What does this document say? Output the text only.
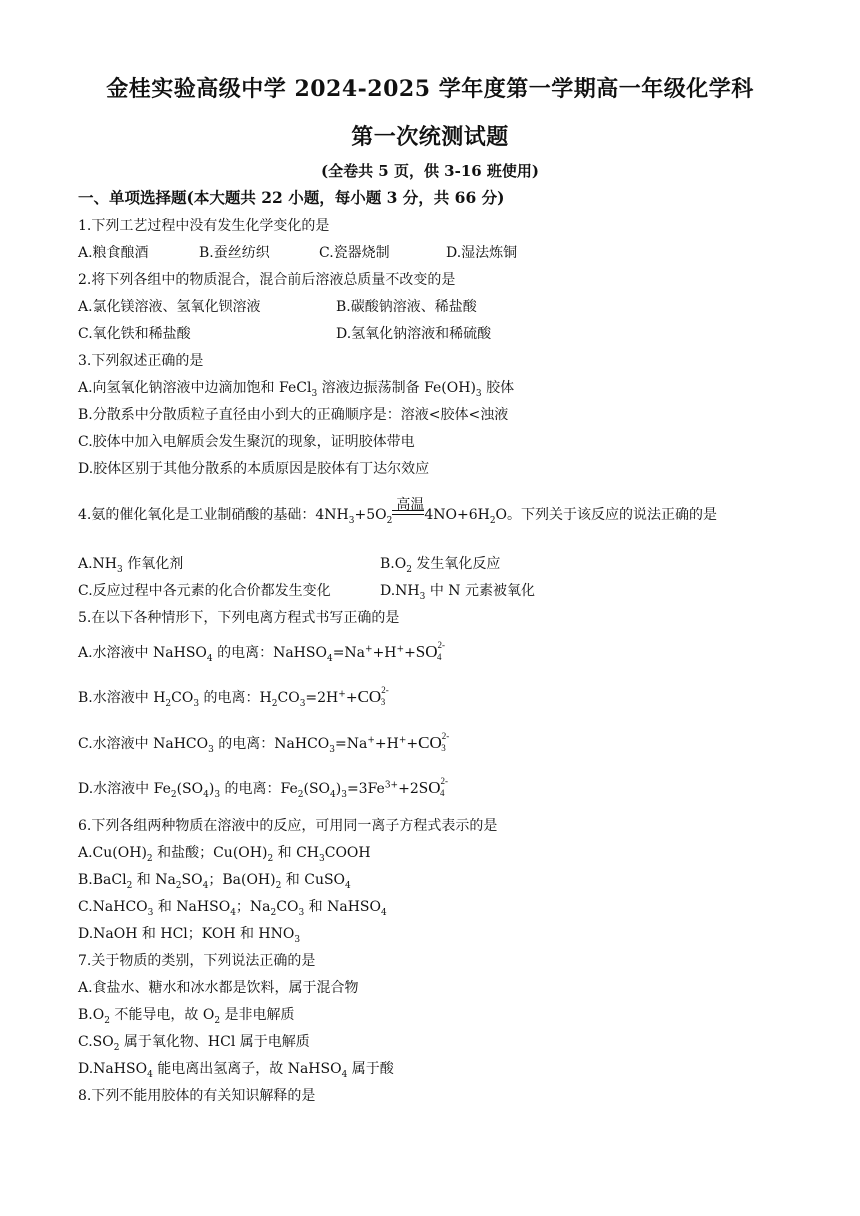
金桂实验高级中学 2024-2025 学年度第一学期高一年级化学科
第一次统测试题
(全卷共 5 页，供 3-16 班使用)
一、单项选择题(本大题共 22 小题，每小题 3 分，共 66 分)
1.下列工艺过程中没有发生化学变化的是
A.粮食酿酒	B.蚕丝纺织	C.瓷器烧制	D.湿法炼铜
2.将下列各组中的物质混合，混合前后溶液总质量不改变的是
A.氯化镁溶液、氢氧化钡溶液	B.碳酸钠溶液、稀盐酸
C.氧化铁和稀盐酸	D.氢氧化钠溶液和稀硫酸
3.下列叙述正确的是
A.向氢氧化钠溶液中边滴加饱和 FeCl$_3$ 溶液边振荡制备 $Fe(OH)_3$ 胶体
B.分散系中分散质粒子直径由小到大的正确顺序是：溶液<胶体<浊液
C.胶体中加入电解质会发生聚沉的现象，证明胶体带电
D.胶体区别于其他分散系的本质原因是胶体有丁达尔效应
4.氨的催化氧化是工业制硝酸的基础：$4NH_3+5O_2$
高温
$4NO+6H_2O$。下列关于该反应的说法正确的是
$A.NH_3$ 作氧化剂	$B.O_2$ 发生氧化反应
C.反应过程中各元素的化合价都发生变化	$D.NH_3$ 中 N 元素被氧化
5.在以下各种情形下，下列电离方程式书写正确的是
A.水溶液中 NaHSO$_4$ 的电离：$NaHSO_4=Na^++H^++SO^{2-}4$
B.水溶液中 $H_2CO_3$ 的电离：$H_2CO_3=2H^++CO^{2-}3$
C.水溶液中 NaHCO$_3$ 的电离：$NaHCO_3=Na^++H^++CO^{2-}3$
D.水溶液中 $Fe_2(SO_4)_3$ 的电离：$Fe_2(SO_4)_3=3Fe^{3+}+2SO^{2-}4$
6.下列各组两种物质在溶液中的反应，可用同一离子方程式表示的是
$A.Cu(OH)_2$ 和盐酸；$Cu(OH)_2$ 和 $CH_3COOH$
B.BaCl$_2$ 和 $Na_2SO_4$；$Ba(OH)_2$ 和 CuSO$_4$
C.NaHCO$_3$ 和 NaHSO$_4$；$Na_2CO_3$ 和 NaHSO$_4$
D.NaOH 和 HCl；KOH 和 $HNO_3$
7.关于物质的类别，下列说法正确的是
A.食盐水、糖水和冰水都是饮料，属于混合物
$B.O_2$ 不能导电，故 $O_2$ 是非电解质
$C.SO_2$ 属于氧化物、HCl 属于电解质
D.NaHSO$_4$ 能电离出氢离子，故 NaHSO$_4$ 属于酸
8.下列不能用胶体的有关知识解释的是
